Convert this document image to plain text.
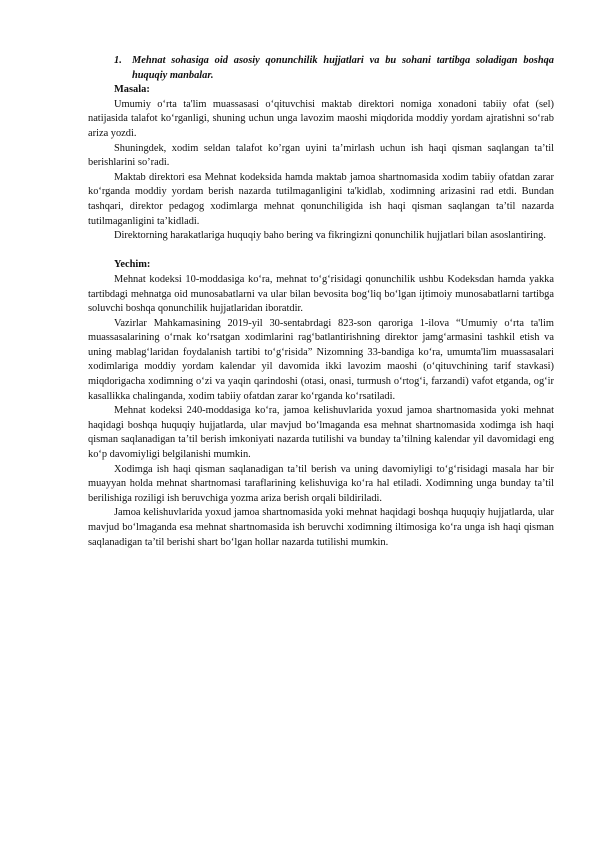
1. Mehnat sohasiga oid asosiy qonunchilik hujjatlari va bu sohani tartibga soladigan boshqa huquqiy manbalar.
Masala:

Umumiy o‘rta ta'lim muassasasi o‘qituvchisi maktab direktori nomiga xonadoni tabiiy ofat (sel) natijasida talafot ko‘rganligi, shuning uchun unga lavozim maoshi miqdorida moddiy yordam ajratishni so‘rab ariza yozdi.

Shuningdek, xodim seldan talafot ko’rgan uyini ta’mirlash uchun ish haqi qisman saqlangan ta’til berishlarini so’radi.

Maktab direktori esa Mehnat kodeksida hamda maktab jamoa shartnomasida xodim tabiiy ofatdan zarar ko‘rganda moddiy yordam berish nazarda tutilmaganligini ta'kidlab, xodimning arizasini rad etdi. Bundan tashqari, direktor pedagog xodimlarga mehnat qonunchiligida ish haqi qisman saqlangan ta’til nazarda tutilmaganligini ta’kidladi.

Direktorning harakatlariga huquqiy baho bering va fikringizni qonunchilik hujjatlari bilan asoslantiring.

Yechim:

Mehnat kodeksi 10-moddasiga ko‘ra, mehnat to‘g‘risidagi qonunchilik ushbu Kodeksdan hamda yakka tartibdagi mehnatga oid munosabatlarni va ular bilan bevosita bog‘liq bo‘lgan ijtimoiy munosabatlarni tartibga soluvchi boshqa qonunchilik hujjatlaridan iboratdir.

Vazirlar Mahkamasining 2019-yil 30-sentabrdagi 823-son qaroriga 1-ilova “Umumiy o‘rta ta'lim muassasalarining o‘rnak ko‘rsatgan xodimlarini rag‘batlantirishning direktor jamg‘armasini tashkil etish va uning mablag‘laridan foydalanish tartibi to‘g‘risida” Nizomning 33-bandiga ko‘ra, umumta'lim muassasalari xodimlariga moddiy yordam kalendar yil davomida ikki lavozim maoshi (o‘qituvchining tarif stavkasi) miqdorigacha xodimning o‘zi va yaqin qarindoshi (otasi, onasi, turmush o‘rtog‘i, farzandi) vafot etganda, og‘ir kasallikka chalinganda, xodim tabiiy ofatdan zarar ko‘rganda ko‘rsatiladi.

Mehnat kodeksi 240-moddasiga ko‘ra, jamoa kelishuvlarida yoxud jamoa shartnomasida yoki mehnat haqidagi boshqa huquqiy hujjatlarda, ular mavjud bo‘lmaganda esa mehnat shartnomasida xodimga ish haqi qisman saqlanadigan ta’til berish imkoniyati nazarda tutilishi va bunday ta’tilning kalendar yil davomidagi eng ko‘p davomiyligi belgilanishi mumkin.

Xodimga ish haqi qisman saqlanadigan ta’til berish va uning davomiyligi to‘g‘risidagi masala har bir muayyan holda mehnat shartnomasi taraflarining kelishuviga ko‘ra hal etiladi. Xodimning unga bunday ta’til berilishiga roziligi ish beruvchiga yozma ariza berish orqali bildiriladi.

Jamoa kelishuvlarida yoxud jamoa shartnomasida yoki mehnat haqidagi boshqa huquqiy hujjatlarda, ular mavjud bo‘lmaganda esa mehnat shartnomasida ish beruvchi xodimning iltimosiga ko‘ra unga ish haqi qisman saqlanadigan ta’til berishi shart bo‘lgan hollar nazarda tutilishi mumkin.
